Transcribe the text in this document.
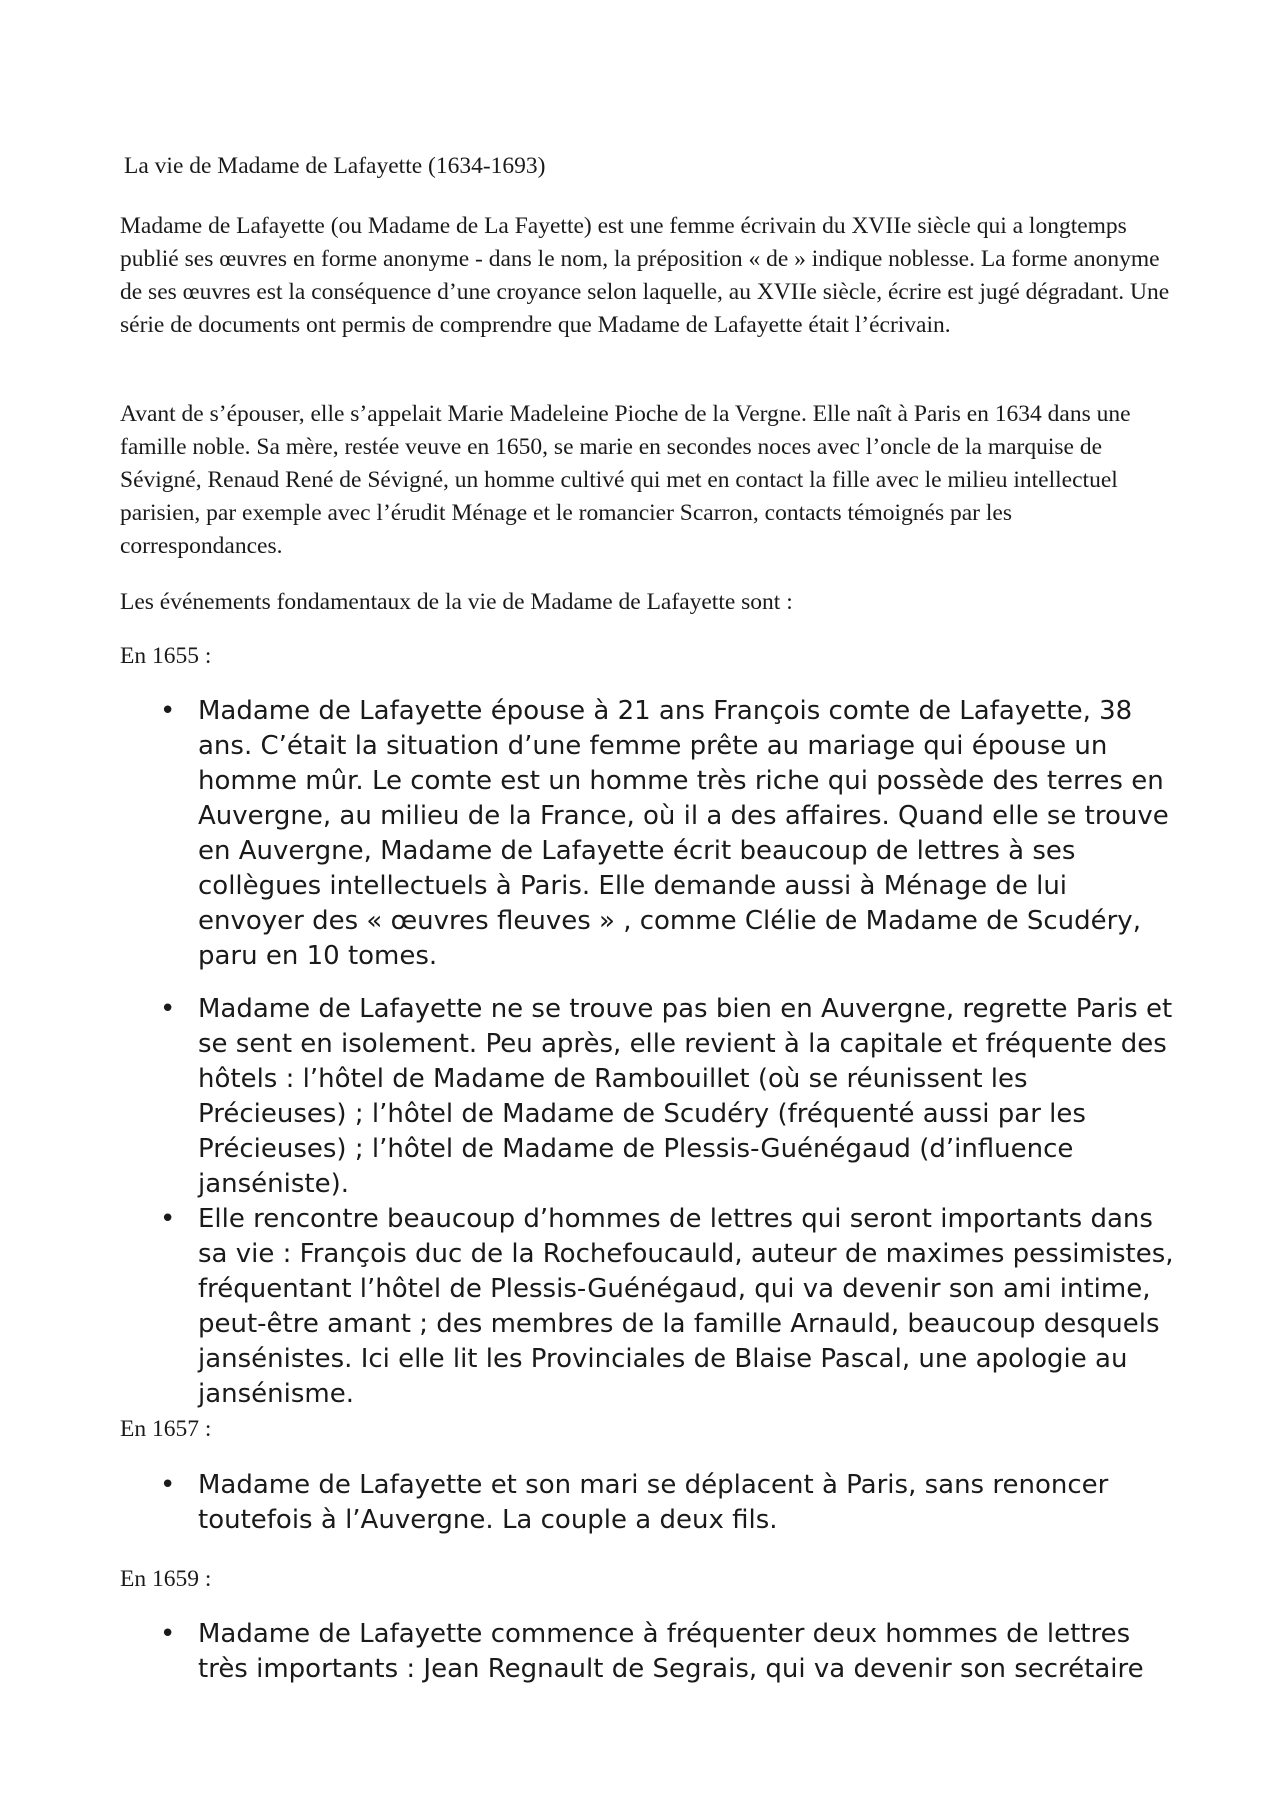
La vie de Madame de Lafayette (1634-1693)

Madame de Lafayette (ou Madame de La Fayette) est une femme écrivain du XVIIe siècle qui a longtemps publié ses œuvres en forme anonyme - dans le nom, la préposition « de » indique noblesse. La forme anonyme de ses œuvres est la conséquence d’une croyance selon laquelle, au XVIIe siècle, écrire est jugé dégradant. Une série de documents ont permis de comprendre que Madame de Lafayette était l’écrivain.

Avant de s’épouser, elle s’appelait Marie Madeleine Pioche de la Vergne. Elle naît à Paris en 1634 dans une famille noble. Sa mère, restée veuve en 1650, se marie en secondes noces avec l’oncle de la marquise de Sévigné, Renaud René de Sévigné, un homme cultivé qui met en contact la fille avec le milieu intellectuel parisien, par exemple avec l’érudit Ménage et le romancier Scarron, contacts témoignés par les correspondances.

Les événements fondamentaux de la vie de Madame de Lafayette sont :

En 1655 :

• Madame de Lafayette épouse à 21 ans François comte de Lafayette, 38 ans. C’était la situation d’une femme prête au mariage qui épouse un homme mûr. Le comte est un homme très riche qui possède des terres en Auvergne, au milieu de la France, où il a des affaires. Quand elle se trouve en Auvergne, Madame de Lafayette écrit beaucoup de lettres à ses collègues intellectuels à Paris. Elle demande aussi à Ménage de lui envoyer des « œuvres fleuves » , comme Clélie de Madame de Scudéry, paru en 10 tomes.
• Madame de Lafayette ne se trouve pas bien en Auvergne, regrette Paris et se sent en isolement. Peu après, elle revient à la capitale et fréquente des hôtels : l’hôtel de Madame de Rambouillet (où se réunissent les Précieuses) ; l’hôtel de Madame de Scudéry (fréquenté aussi par les Précieuses) ; l’hôtel de Madame de Plessis-Guénégaud (d’influence janséniste).
• Elle rencontre beaucoup d’hommes de lettres qui seront importants dans sa vie : François duc de la Rochefoucauld, auteur de maximes pessimistes, fréquentant l’hôtel de Plessis-Guénégaud, qui va devenir son ami intime, peut-être amant ; des membres de la famille Arnauld, beaucoup desquels jansénistes. Ici elle lit les Provinciales de Blaise Pascal, une apologie au jansénisme.

En 1657 :

• Madame de Lafayette et son mari se déplacent à Paris, sans renoncer toutefois à l’Auvergne. La couple a deux fils.

En 1659 :

• Madame de Lafayette commence à fréquenter deux hommes de lettres très importants : Jean Regnault de Segrais, qui va devenir son secrétaire
